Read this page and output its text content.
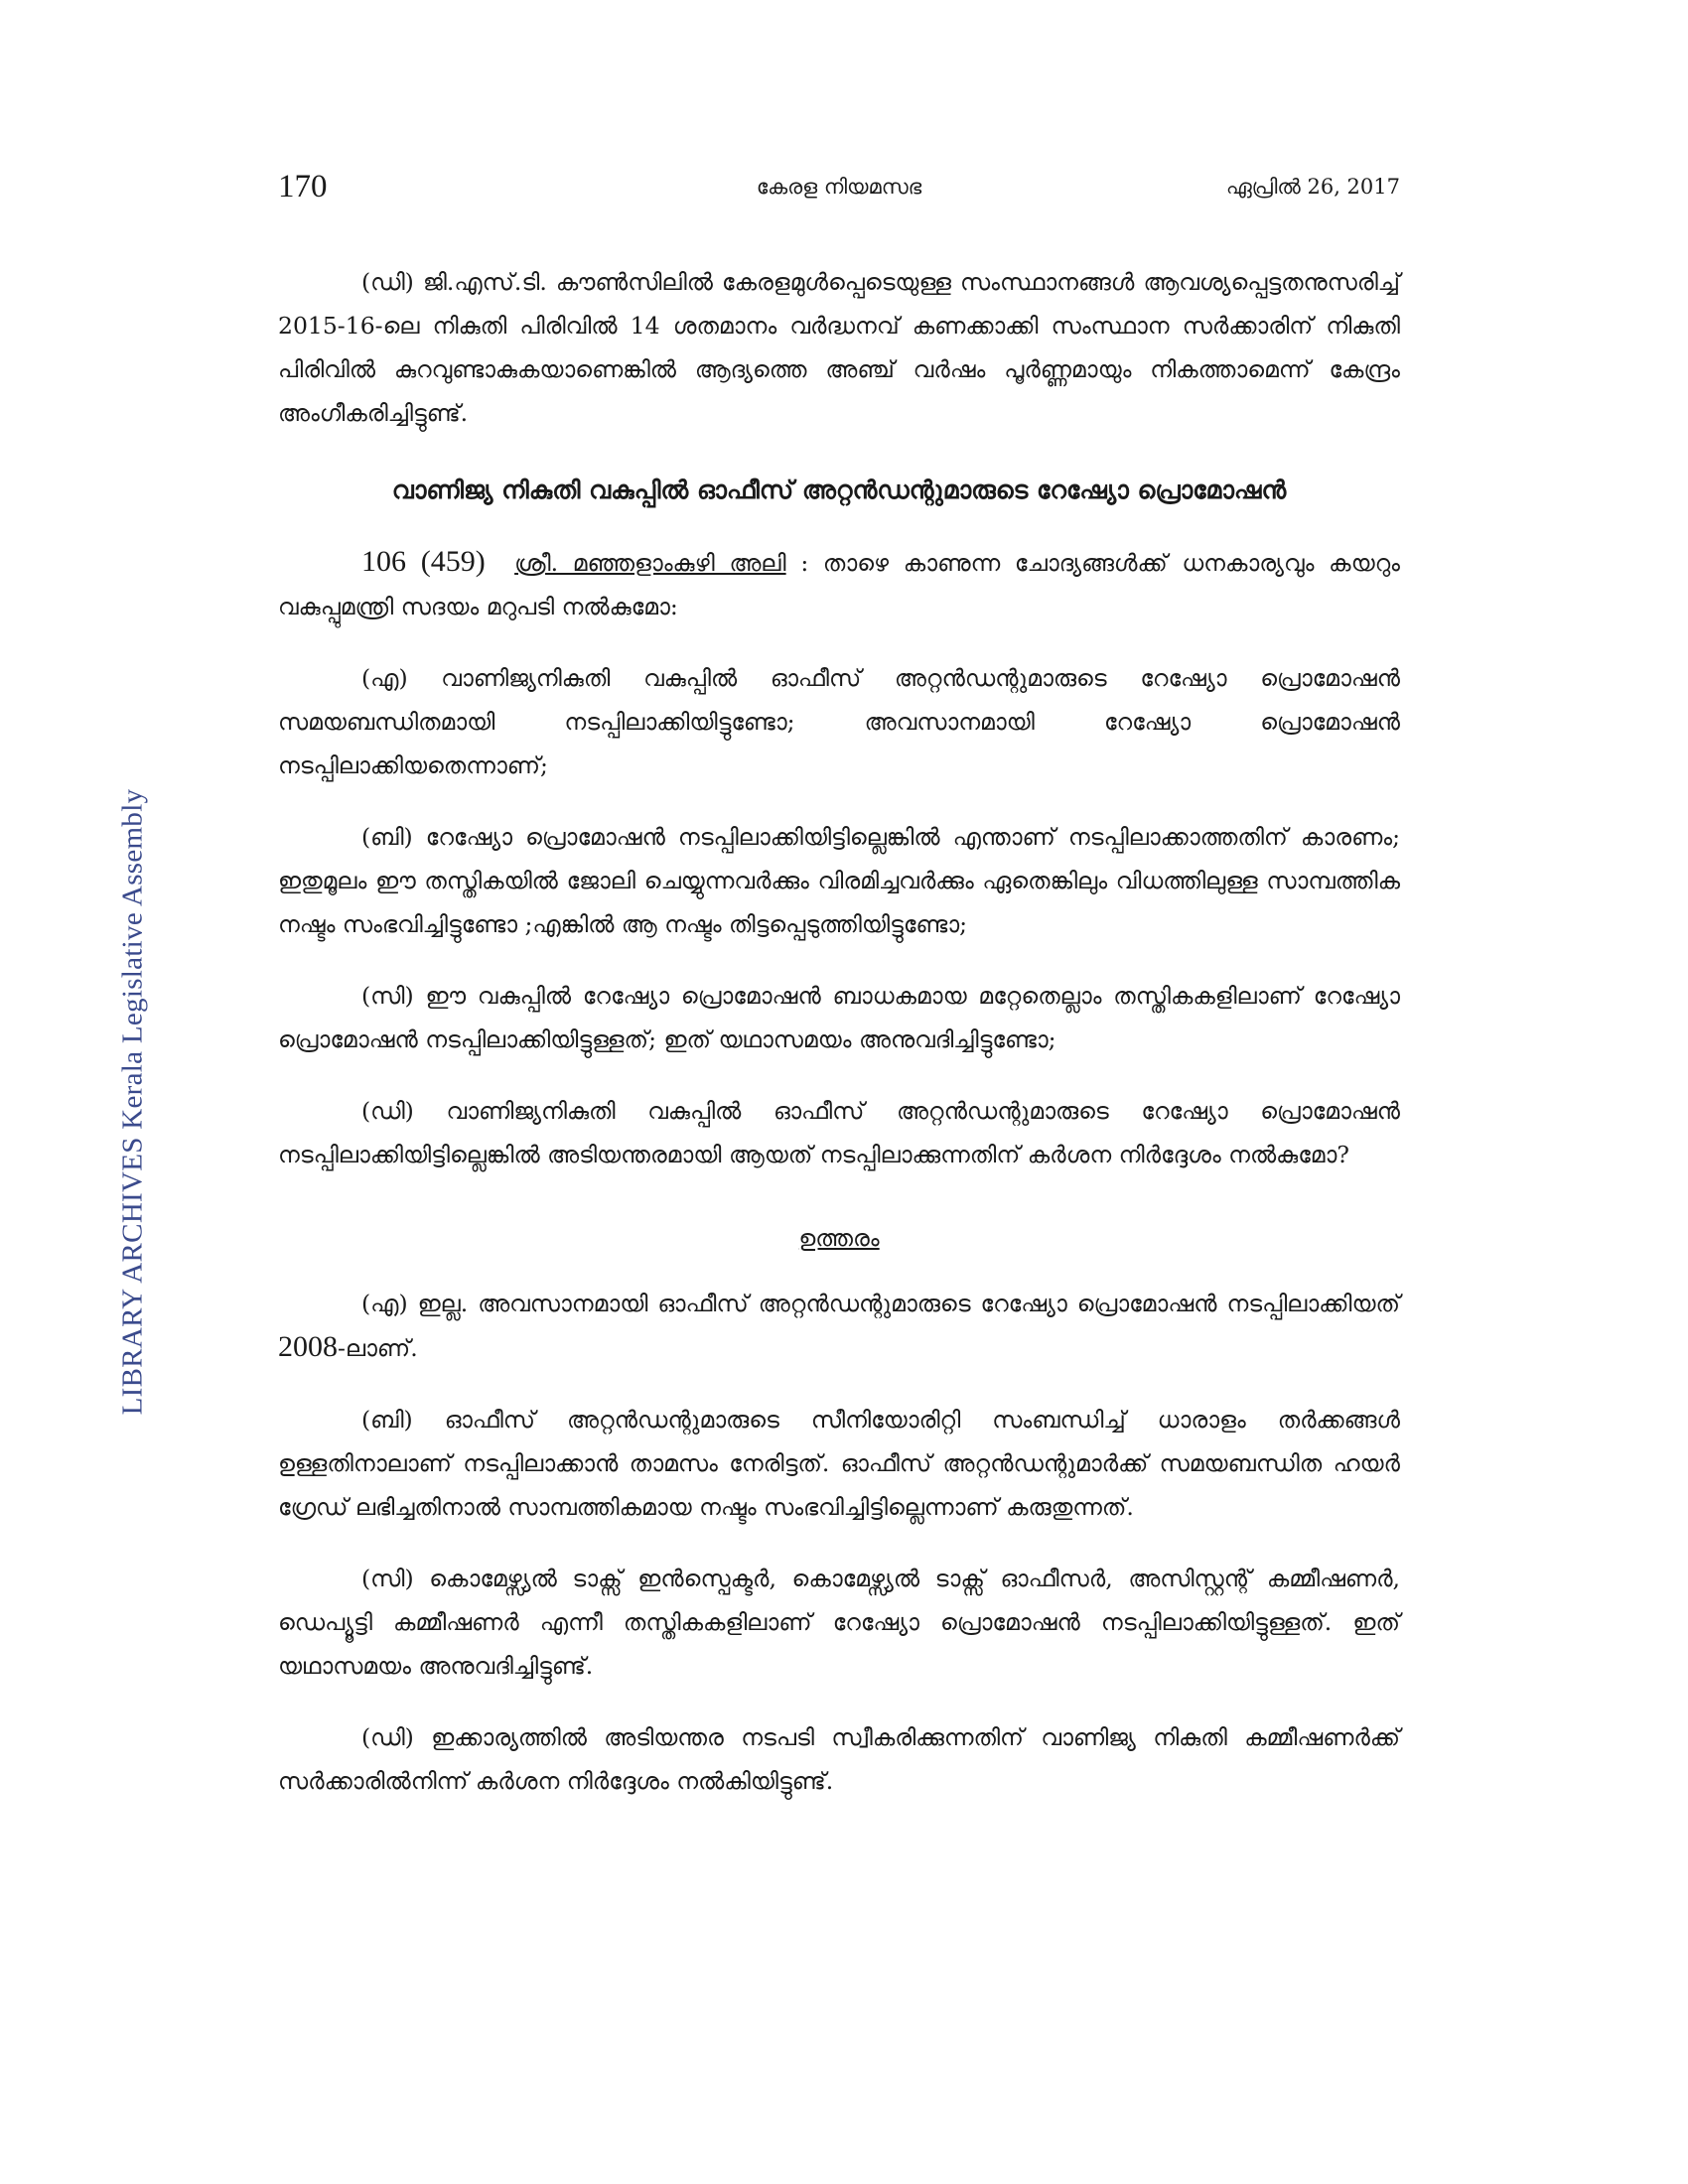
LIBRARY ARCHIVES Kerala Legislative Assembly
170	കേരള നിയമസഭ	ഏപ്രിൽ 26, 2017

(ഡി) ജി.എസ്.ടി. കൗൺസിലിൽ കേരളമുൾപ്പെടെയുള്ള സംസ്ഥാനങ്ങൾ ആവശ്യപ്പെട്ടതനുസരിച്ച് 2015-16-ലെ നികുതി പിരിവിൽ 14 ശതമാനം വർദ്ധനവ് കണക്കാക്കി സംസ്ഥാന സർക്കാരിന് നികുതി പിരിവിൽ കുറവുണ്ടാകുകയാണെങ്കിൽ ആദ്യത്തെ അഞ്ച് വർഷം പൂർണ്ണമായും നികത്താമെന്ന് കേന്ദ്രം അംഗീകരിച്ചിട്ടുണ്ട്.

വാണിജ്യ നികുതി വകുപ്പിൽ ഓഫീസ് അറ്റൻഡന്റുമാരുടെ റേഷ്യോ പ്രൊമോഷൻ

106 (459) ശ്രീ. മഞ്ഞളാംകുഴി അലി : താഴെ കാണുന്ന ചോദ്യങ്ങൾക്ക് ധനകാര്യവും കയറും വകുപ്പുമന്ത്രി സദയം മറുപടി നൽകുമോ:

(എ) വാണിജ്യനികുതി വകുപ്പിൽ ഓഫീസ് അറ്റൻഡന്റുമാരുടെ റേഷ്യോ പ്രൊമോഷൻ സമയബന്ധിതമായി നടപ്പിലാക്കിയിട്ടുണ്ടോ; അവസാനമായി റേഷ്യോ പ്രൊമോഷൻ നടപ്പിലാക്കിയതെന്നാണ്;

(ബി) റേഷ്യോ പ്രൊമോഷൻ നടപ്പിലാക്കിയിട്ടില്ലെങ്കിൽ എന്താണ് നടപ്പിലാക്കാത്തതിന് കാരണം; ഇതുമൂലം ഈ തസ്തികയിൽ ജോലി ചെയ്യുന്നവർക്കും വിരമിച്ചവർക്കും ഏതെങ്കിലും വിധത്തിലുള്ള സാമ്പത്തിക നഷ്ടം സംഭവിച്ചിട്ടുണ്ടോ ;എങ്കിൽ ആ നഷ്ടം തിട്ടപ്പെടുത്തിയിട്ടുണ്ടോ;

(സി) ഈ വകുപ്പിൽ റേഷ്യോ പ്രൊമോഷൻ ബാധകമായ മറ്റേതെല്ലാം തസ്തികകളിലാണ് റേഷ്യോ പ്രൊമോഷൻ നടപ്പിലാക്കിയിട്ടുള്ളത്; ഇത് യഥാസമയം അനുവദിച്ചിട്ടുണ്ടോ;

(ഡി) വാണിജ്യനികുതി വകുപ്പിൽ ഓഫീസ് അറ്റൻഡന്റുമാരുടെ റേഷ്യോ പ്രൊമോഷൻ നടപ്പിലാക്കിയിട്ടില്ലെങ്കിൽ അടിയന്തരമായി ആയത് നടപ്പിലാക്കുന്നതിന് കർശന നിർദ്ദേശം നൽകുമോ?

ഉത്തരം

(എ) ഇല്ല. അവസാനമായി ഓഫീസ് അറ്റൻഡന്റുമാരുടെ റേഷ്യോ പ്രൊമോഷൻ നടപ്പിലാക്കിയത് 2008-ലാണ്.

(ബി) ഓഫീസ് അറ്റൻഡന്റുമാരുടെ സീനിയോരിറ്റി സംബന്ധിച്ച് ധാരാളം തർക്കങ്ങൾ ഉള്ളതിനാലാണ് നടപ്പിലാക്കാൻ താമസം നേരിട്ടത്. ഓഫീസ് അറ്റൻഡന്റുമാർക്ക് സമയബന്ധിത ഹയർ ഗ്രേഡ് ലഭിച്ചതിനാൽ സാമ്പത്തികമായ നഷ്ടം സംഭവിച്ചിട്ടില്ലെന്നാണ് കരുതുന്നത്.

(സി) കൊമേഴ്സ്യൽ ടാക്സ് ഇൻസ്പെക്ടർ, കൊമേഴ്സ്യൽ ടാക്സ് ഓഫീസർ, അസിസ്റ്റന്റ് കമ്മീഷണർ, ഡെപ്യൂട്ടി കമ്മീഷണർ എന്നീ തസ്തികകളിലാണ് റേഷ്യോ പ്രൊമോഷൻ നടപ്പിലാക്കിയിട്ടുള്ളത്. ഇത് യഥാസമയം അനുവദിച്ചിട്ടുണ്ട്.

(ഡി) ഇക്കാര്യത്തിൽ അടിയന്തര നടപടി സ്വീകരിക്കുന്നതിന് വാണിജ്യ നികുതി കമ്മീഷണർക്ക് സർക്കാരിൽനിന്ന് കർശന നിർദ്ദേശം നൽകിയിട്ടുണ്ട്.
